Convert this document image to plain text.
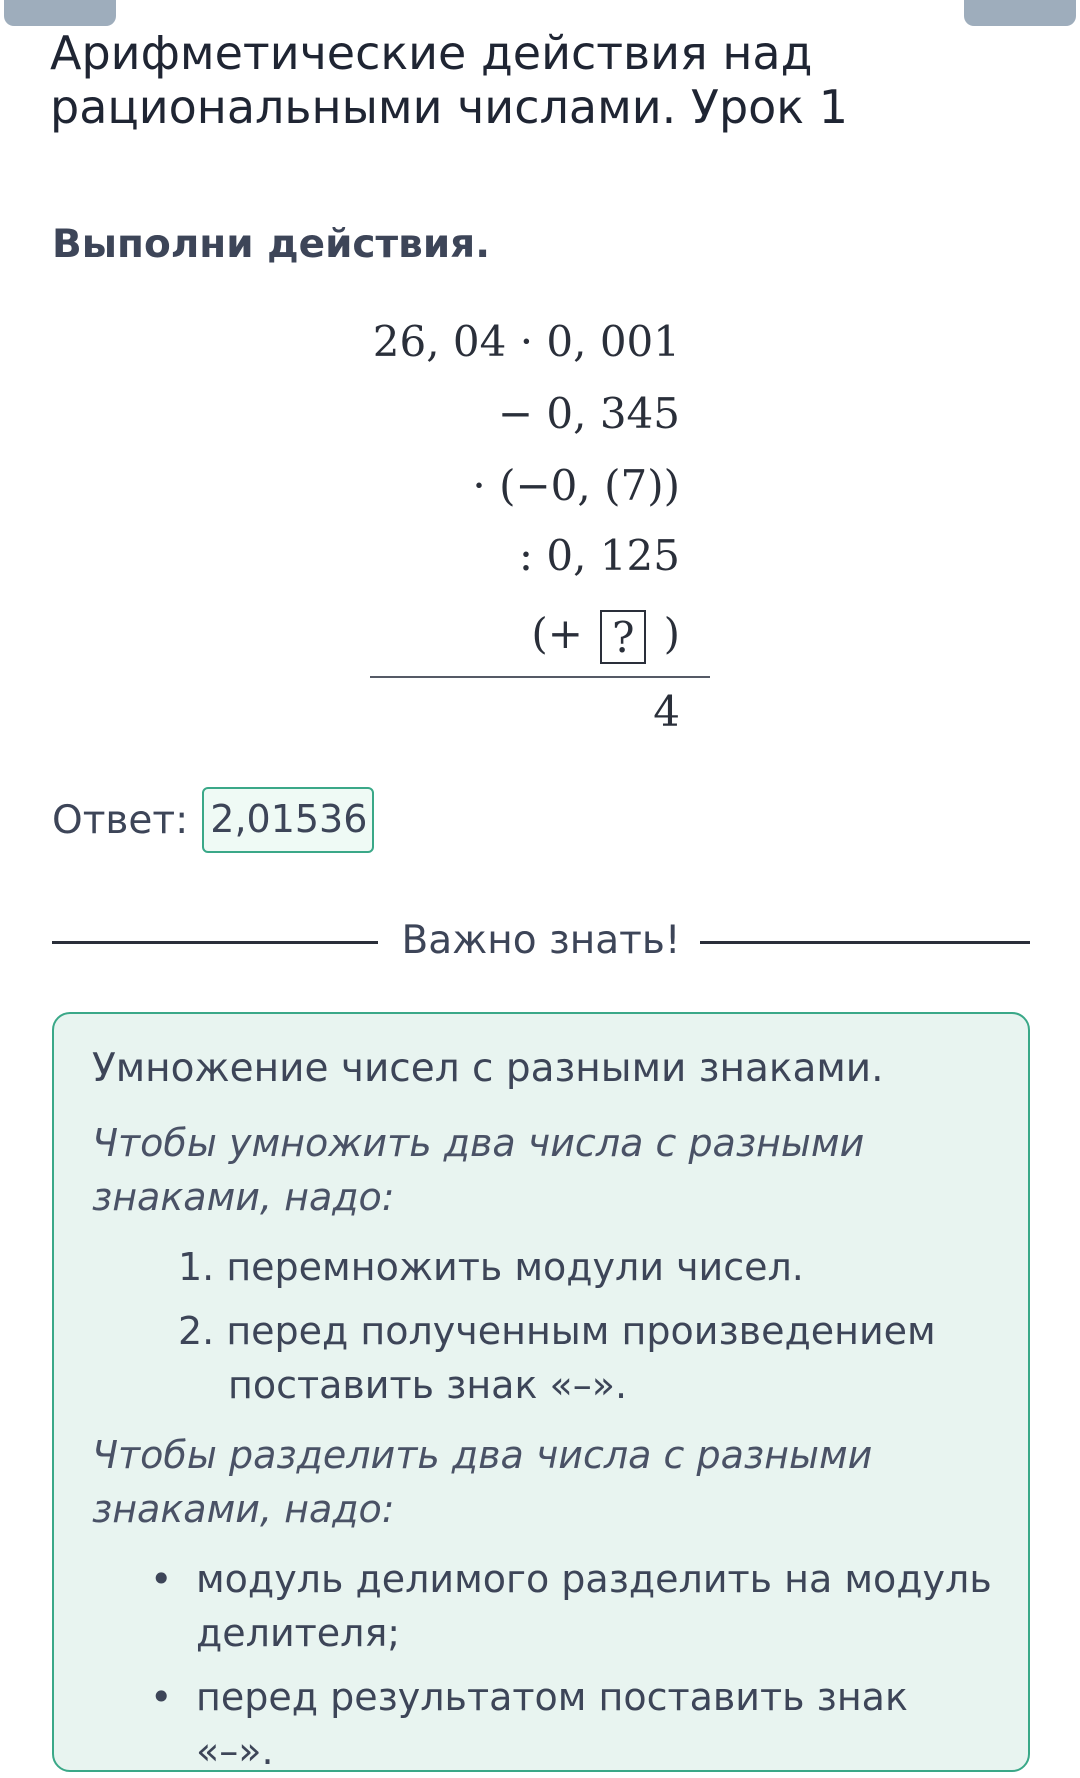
Арифметические действия над рациональными числами. Урок 1
Выполни действия.
26, 04 · 0, 001
− 0, 345
· (−0, (7))
: 0, 125
(+ ? )
4
Ответ: 2,01536
Важно знать!

Умножение чисел с разными знаками.

Чтобы умножить два числа с разными знаками, надо:

1. перемножить модули чисел.
2. перед полученным произведением поставить знак «–».

Чтобы разделить два числа с разными знаками, надо:

• модуль делимого разделить на модуль делителя;
• перед результатом поставить знак «–».
